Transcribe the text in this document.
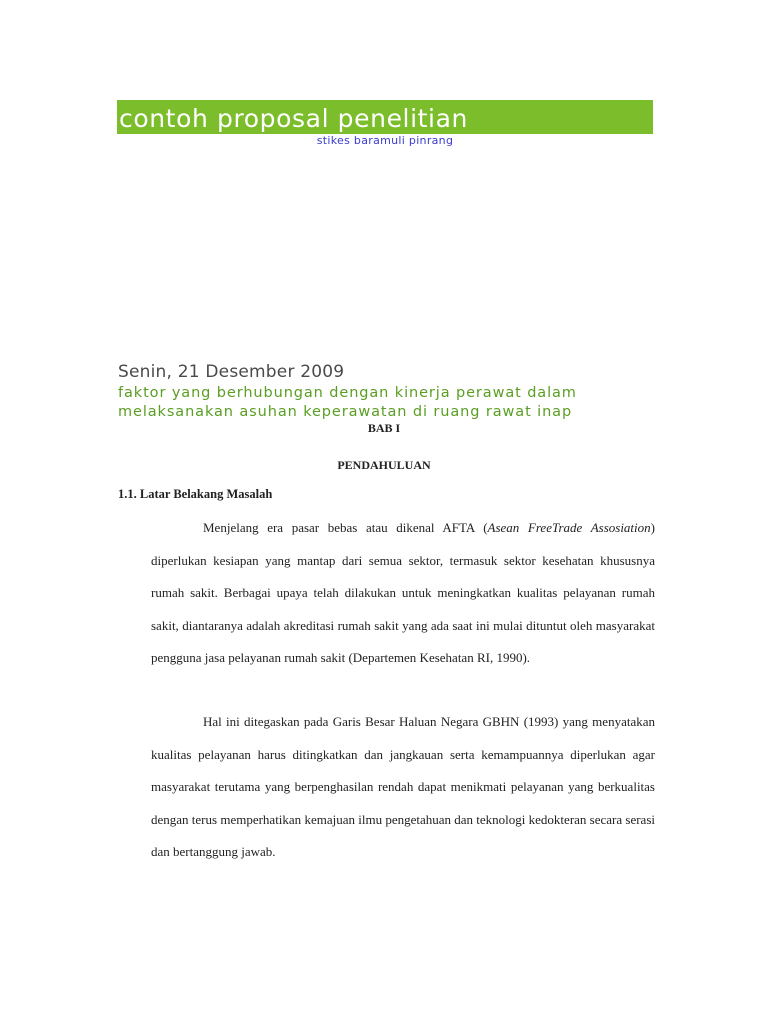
contoh proposal penelitian
stikes baramuli pinrang
Senin, 21 Desember 2009
faktor yang berhubungan dengan kinerja perawat dalam melaksanakan asuhan keperawatan di ruang rawat inap
BAB I
PENDAHULUAN
1.1. Latar Belakang Masalah

Menjelang era pasar bebas atau dikenal AFTA (Asean FreeTrade Assosiation) diperlukan kesiapan yang mantap dari semua sektor, termasuk sektor kesehatan khususnya rumah sakit. Berbagai upaya telah dilakukan untuk meningkatkan kualitas pelayanan rumah sakit, diantaranya adalah akreditasi rumah sakit yang ada saat ini mulai dituntut oleh masyarakat pengguna jasa pelayanan rumah sakit (Departemen Kesehatan RI, 1990).

Hal ini ditegaskan pada Garis Besar Haluan Negara GBHN (1993) yang menyatakan kualitas pelayanan harus ditingkatkan dan jangkauan serta kemampuannya diperlukan agar masyarakat terutama yang berpenghasilan rendah dapat menikmati pelayanan yang berkualitas dengan terus memperhatikan kemajuan ilmu pengetahuan dan teknologi kedokteran secara serasi dan bertanggung jawab.
